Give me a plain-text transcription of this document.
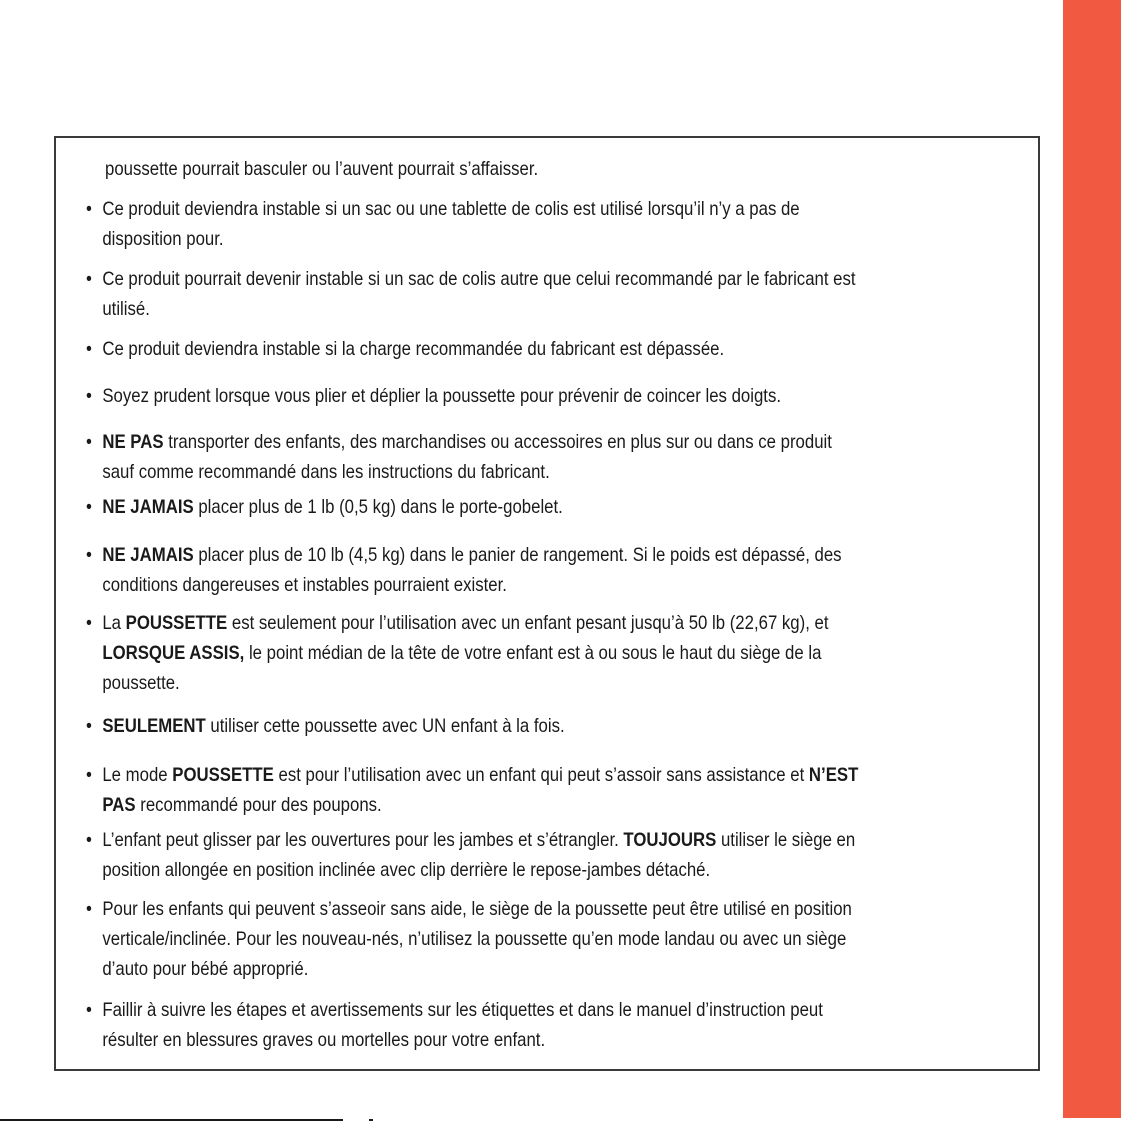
poussette pourrait basculer ou l’auvent pourrait s’affaisser.
• Ce produit deviendra instable si un sac ou une tablette de colis est utilisé lorsqu’il n’y a pas de
disposition pour.
• Ce produit pourrait devenir instable si un sac de colis autre que celui recommandé par le fabricant est
utilisé.
• Ce produit deviendra instable si la charge recommandée du fabricant est dépassée.
• Soyez prudent lorsque vous plier et déplier la poussette pour prévenir de coincer les doigts.
• NE PAS transporter des enfants, des marchandises ou accessoires en plus sur ou dans ce produit
sauf comme recommandé dans les instructions du fabricant.
• NE JAMAIS placer plus de 1 lb (0,5 kg) dans le porte-gobelet.
• NE JAMAIS placer plus de 10 lb (4,5 kg) dans le panier de rangement. Si le poids est dépassé, des
conditions dangereuses et instables pourraient exister.
• La POUSSETTE est seulement pour l’utilisation avec un enfant pesant jusqu’à 50 lb (22,67 kg), et
LORSQUE ASSIS, le point médian de la tête de votre enfant est à ou sous le haut du siège de la
poussette.
• SEULEMENT utiliser cette poussette avec UN enfant à la fois.
• Le mode POUSSETTE est pour l’utilisation avec un enfant qui peut s’assoir sans assistance et N’EST
PAS recommandé pour des poupons.
• L’enfant peut glisser par les ouvertures pour les jambes et s’étrangler. TOUJOURS utiliser le siège en
position allongée en position inclinée avec clip derrière le repose-jambes détaché.
• Pour les enfants qui peuvent s’asseoir sans aide, le siège de la poussette peut être utilisé en position
verticale/inclinée. Pour les nouveau-nés, n’utilisez la poussette qu’en mode landau ou avec un siège
d’auto pour bébé approprié.
• Faillir à suivre les étapes et avertissements sur les étiquettes et dans le manuel d’instruction peut
résulter en blessures graves ou mortelles pour votre enfant.
